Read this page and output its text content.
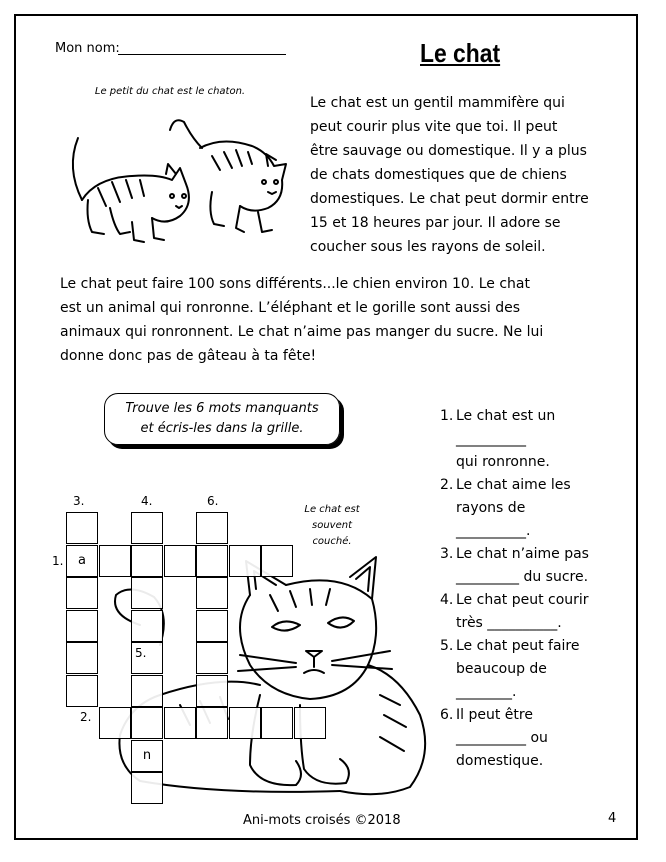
Mon nom:	Le chat
Le petit du chat est le chaton.
Le chat est un gentil mammifère qui
peut courir plus vite que toi. Il peut
être sauvage ou domestique. Il y a plus
de chats domestiques que de chiens
domestiques. Le chat peut dormir entre
15 et 18 heures par jour. Il adore se
coucher sous les rayons de soleil.
Le chat peut faire 100 sons différents...le chien environ 10. Le chat
est un animal qui ronronne. L’éléphant et le gorille sont aussi des
animaux qui ronronnent. Le chat n’aime pas manger du sucre. Ne lui
donne donc pas de gâteau à ta fête!
Trouve les 6 mots manquants
et écris-les dans la grille.
1. Le chat est un
__________
qui ronronne.
2. Le chat aime les
rayons de
__________.
3. Le chat n’aime pas
_________ du sucre.
4. Le chat peut courir
très __________.
5. Le chat peut faire
beaucoup de
________.
6. Il peut être
__________ ou
domestique.
Le chat est
souvent
couché.
a
n
5.
3.	4.	6.
1.
2.
Ani-mots croisés ©2018	4
